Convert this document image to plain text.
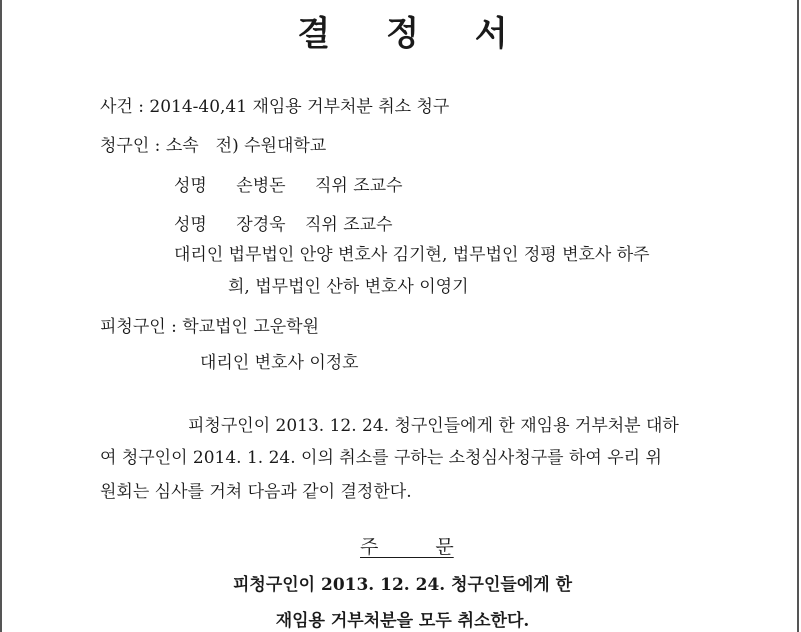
결 정 서
사건 : 2014-40,41 재임용 거부처분 취소 청구
청구인 : 소속　전) 수원대학교
성명 손병돈 직위 조교수
성명 장경욱 직위 조교수
대리인 법무법인 안양 변호사 김기현, 법무법인 정평 변호사 하주
희, 법무법인 산하 변호사 이영기
피청구인 : 학교법인 고운학원
대리인 변호사 이정호
피청구인이 2013. 12. 24. 청구인들에게 한 재임용 거부처분 대하
여 청구인이 2014. 1. 24. 이의 취소를 구하는 소청심사청구를 하여 우리 위
원회는 심사를 거쳐 다음과 같이 결정한다.
주　　　문
피청구인이 2013. 12. 24. 청구인들에게 한
재임용 거부처분을 모두 취소한다.
